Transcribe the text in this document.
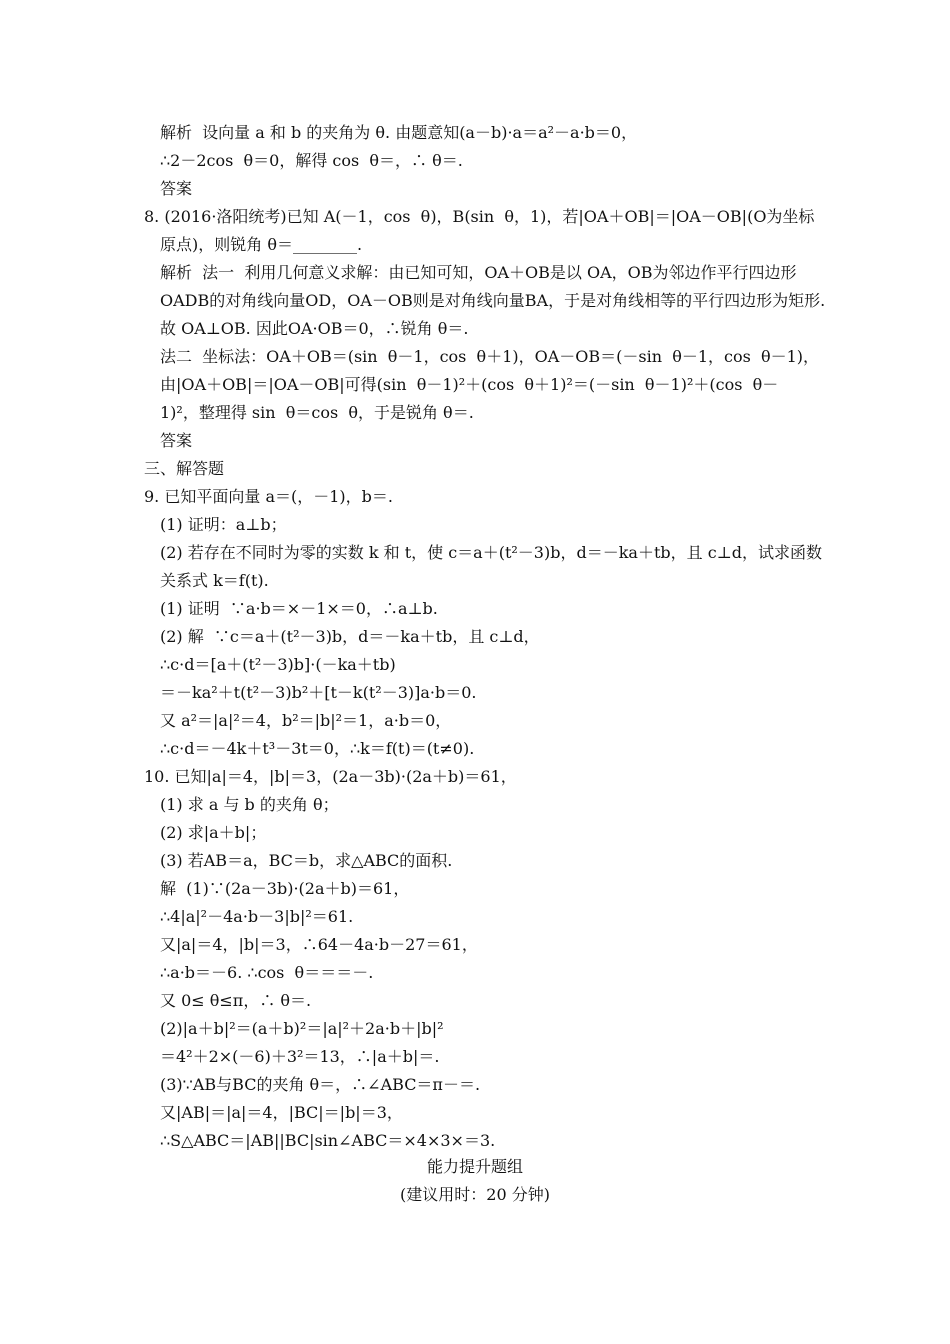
解析  设向量 a 和 b 的夹角为 θ. 由题意知(a－b)·a＝a²－a·b＝0，
∴2－2cos  θ＝0，解得 cos  θ＝，∴ θ＝.
答案
8. (2016·洛阳统考)已知 A(－1，cos  θ)，B(sin  θ，1)，若|OA＋OB|＝|OA－OB|(O为坐标
原点)，则锐角 θ＝________.
解析  法一  利用几何意义求解：由已知可知，OA＋OB是以 OA，OB为邻边作平行四边形
OADB的对角线向量OD，OA－OB则是对角线向量BA，于是对角线相等的平行四边形为矩形.
故 OA⊥OB. 因此OA·OB＝0，∴锐角 θ＝.
法二  坐标法：OA＋OB＝(sin  θ－1，cos  θ＋1)，OA－OB＝(－sin  θ－1，cos  θ－1)，
由|OA＋OB|＝|OA－OB|可得(sin  θ－1)²＋(cos  θ＋1)²＝(－sin  θ－1)²＋(cos  θ－
1)²，整理得 sin  θ＝cos  θ，于是锐角 θ＝.
答案
三、解答题
9. 已知平面向量 a＝(，－1)，b＝.
(1) 证明：a⊥b；
(2) 若存在不同时为零的实数 k 和 t，使 c＝a＋(t²－3)b，d＝－ka＋tb，且 c⊥d，试求函数
关系式 k＝f(t).
(1) 证明  ∵a·b＝×－1×＝0，∴a⊥b.
(2) 解  ∵c＝a＋(t²－3)b，d＝－ka＋tb，且 c⊥d，
∴c·d＝[a＋(t²－3)b]·(－ka＋tb)
＝－ka²＋t(t²－3)b²＋[t－k(t²－3)]a·b＝0.
又 a²＝|a|²＝4，b²＝|b|²＝1，a·b＝0，
∴c·d＝－4k＋t³－3t＝0，∴k＝f(t)＝(t≠0).
10. 已知|a|＝4，|b|＝3，(2a－3b)·(2a＋b)＝61，
(1) 求 a 与 b 的夹角 θ；
(2) 求|a＋b|；
(3) 若AB＝a，BC＝b，求△ABC的面积.
解  (1)∵(2a－3b)·(2a＋b)＝61，
∴4|a|²－4a·b－3|b|²＝61.
又|a|＝4，|b|＝3，∴64－4a·b－27＝61，
∴a·b＝－6. ∴cos  θ＝＝＝－.
又 0≤ θ≤π，∴ θ＝.
(2)|a＋b|²＝(a＋b)²＝|a|²＋2a·b＋|b|²
＝4²＋2×(－6)＋3²＝13，∴|a＋b|＝.
(3)∵AB与BC的夹角 θ＝，∴∠ABC＝π－＝.
又|AB|＝|a|＝4，|BC|＝|b|＝3，
∴S△ABC＝|AB||BC|sin∠ABC＝×4×3×＝3.
能力提升题组
(建议用时：20 分钟)
